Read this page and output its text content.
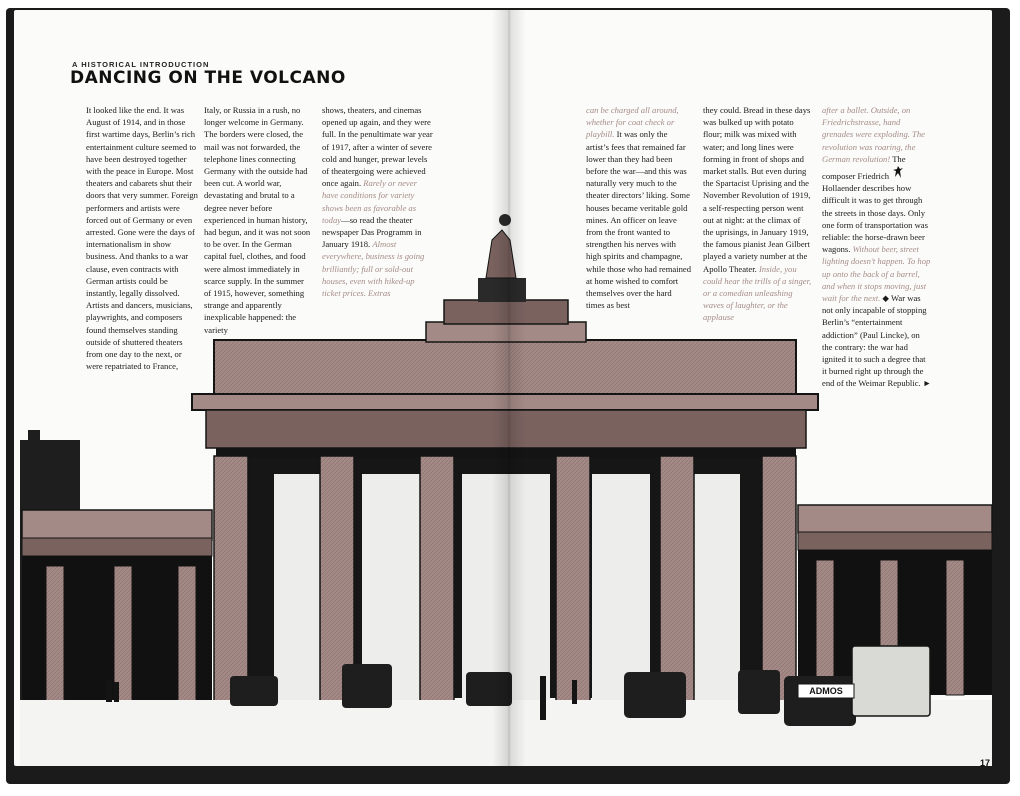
ADMOS
A HISTORICAL INTRODUCTION
DANCING ON THE VOLCANO

It looked like the end. It was August of 1914, and in those first wartime days, Berlin’s rich entertainment culture seemed to have been destroyed together with the peace in Europe. Most theaters and cabarets shut their doors that very summer. Foreign performers and artists were forced out of Germany or even arrested. Gone were the days of internationalism in show business. And thanks to a war clause, even contracts with German artists could be instantly, legally dissolved. Artists and dancers, musicians, playwrights, and composers found themselves standing outside of shuttered theaters from one day to the next, or were repatriated to France,

Italy, or Russia in a rush, no longer welcome in Germany. The borders were closed, the mail was not forwarded, the telephone lines connecting Germany with the outside had been cut. A world war, devastating and brutal to a degree never before experienced in human history, had begun, and it was not soon to be over. In the German capital fuel, clothes, and food were almost immediately in scarce supply. In the summer of 1915, however, something strange and apparently inexplicable happened: the variety

shows, theaters, and cinemas opened up again, and they were full. In the penultimate war year of 1917, after a winter of severe cold and hunger, prewar levels of theatergoing were achieved once again. Rarely or never have conditions for variety shows been as favorable as today—so read the theater newspaper Das Programm in January 1918. Almost everywhere, business is going brilliantly; full or sold-out houses, even with hiked-up ticket prices. Extras

can be charged all around, whether for coat check or playbill. It was only the artist’s fees that remained far lower than they had been before the war—and this was naturally very much to the theater directors’ liking. Some houses became veritable gold mines. An officer on leave from the front wanted to strengthen his nerves with high spirits and champagne, while those who had remained at home wished to comfort themselves over the hard times as best

they could. Bread in these days was bulked up with potato flour; milk was mixed with water; and long lines were forming in front of shops and market stalls. But even during the Spartacist Uprising and the November Revolution of 1919, a self-respecting person went out at night: at the climax of the uprisings, in January 1919, the famous pianist Jean Gilbert played a variety number at the Apollo Theater. Inside, you could hear the trills of a singer, or a comedian unleashing waves of laughter, or the applause

after a ballet. Outside, on Friedrichstrasse, hand grenades were exploding. The revolution was roaring, the German revolution! The composer Friedrich  Hollaender describes how difficult it was to get through the streets in those days. Only one form of transportation was reliable: the horse-drawn beer wagons. Without beer, street lighting doesn’t happen. To hop up onto the back of a barrel, and when it stops moving, just wait for the next. ◆ War was not only incapable of stopping Berlin’s “entertainment addiction” (Paul Lincke), on the contrary: the war had ignited it to such a degree that it burned right up through the end of the Weimar Republic. ►

17
